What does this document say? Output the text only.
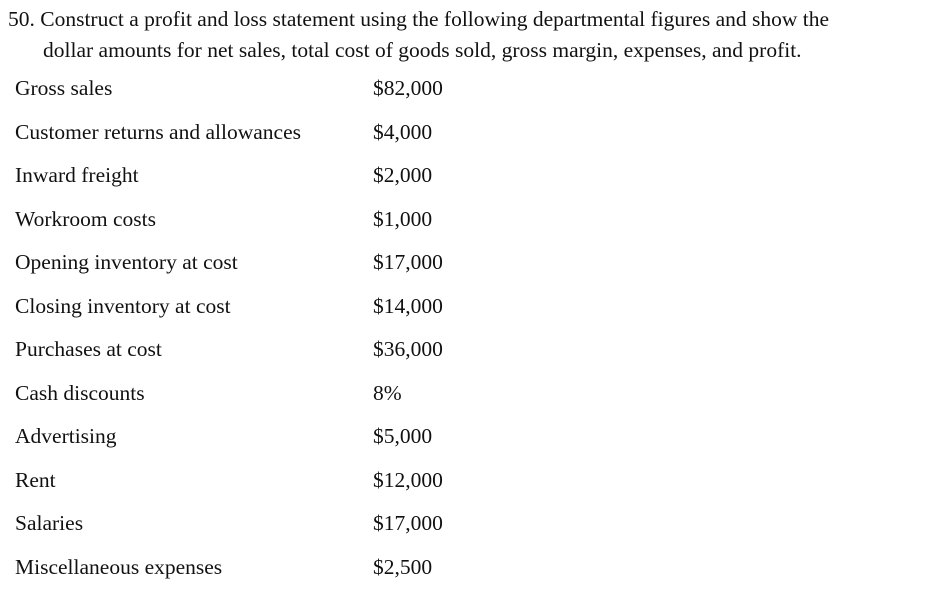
50. Construct a profit and loss statement using the following departmental figures and show the
dollar amounts for net sales, total cost of goods sold, gross margin, expenses, and profit.
Gross sales	$82,000
Customer returns and allowances	$4,000
Inward freight	$2,000
Workroom costs	$1,000
Opening inventory at cost	$17,000
Closing inventory at cost	$14,000
Purchases at cost	$36,000
Cash discounts	8%
Advertising	$5,000
Rent	$12,000
Salaries	$17,000
Miscellaneous expenses	$2,500
